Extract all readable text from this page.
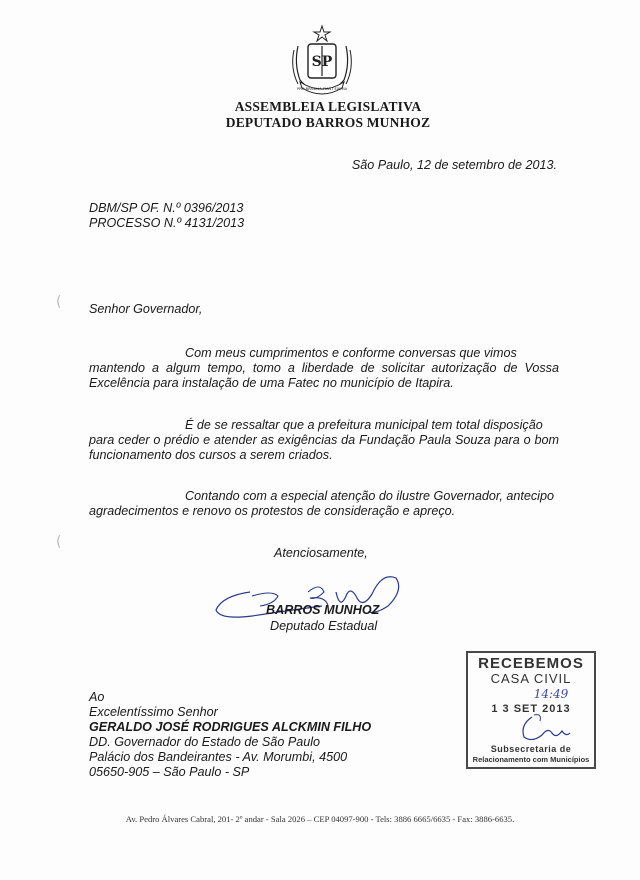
SP
PRO BRASILIA FIANT EXIMIA
ASSEMBLEIA LEGISLATIVA
DEPUTADO BARROS MUNHOZ
São Paulo, 12 de setembro de 2013.
DBM/SP OF. N.º 0396/2013
PROCESSO N.º 4131/2013
(
(
Senhor Governador,
Com meus cumprimentos e conforme conversas que vimos
mantendo a algum tempo, tomo a liberdade de solicitar autorização de Vossa Excelência para instalação de uma Fatec no município de Itapira.
É de se ressaltar que a prefeitura municipal tem total disposição
para ceder o prédio e atender as exigências da Fundação Paula Souza para o bom funcionamento dos cursos a serem criados.
Contando com a especial atenção do ilustre Governador, antecipo
agradecimentos e renovo os protestos de consideração e apreço.
Atenciosamente,
BARROS MUNHOZ
Deputado Estadual
Ao
Excelentíssimo Senhor
GERALDO JOSÉ RODRIGUES ALCKMIN FILHO
DD. Governador do Estado de São Paulo
Palácio dos Bandeirantes - Av. Morumbi, 4500
05650-905 – São Paulo - SP
RECEBEMOS
CASA CIVIL
14:49
1 3 SET 2013
Subsecretaria de
Relacionamento com Municípios
Av. Pedro Álvares Cabral, 201- 2º andar - Sala 2026 – CEP 04097-900 - Tels: 3886 6665/6635 - Fax: 3886-6635.
